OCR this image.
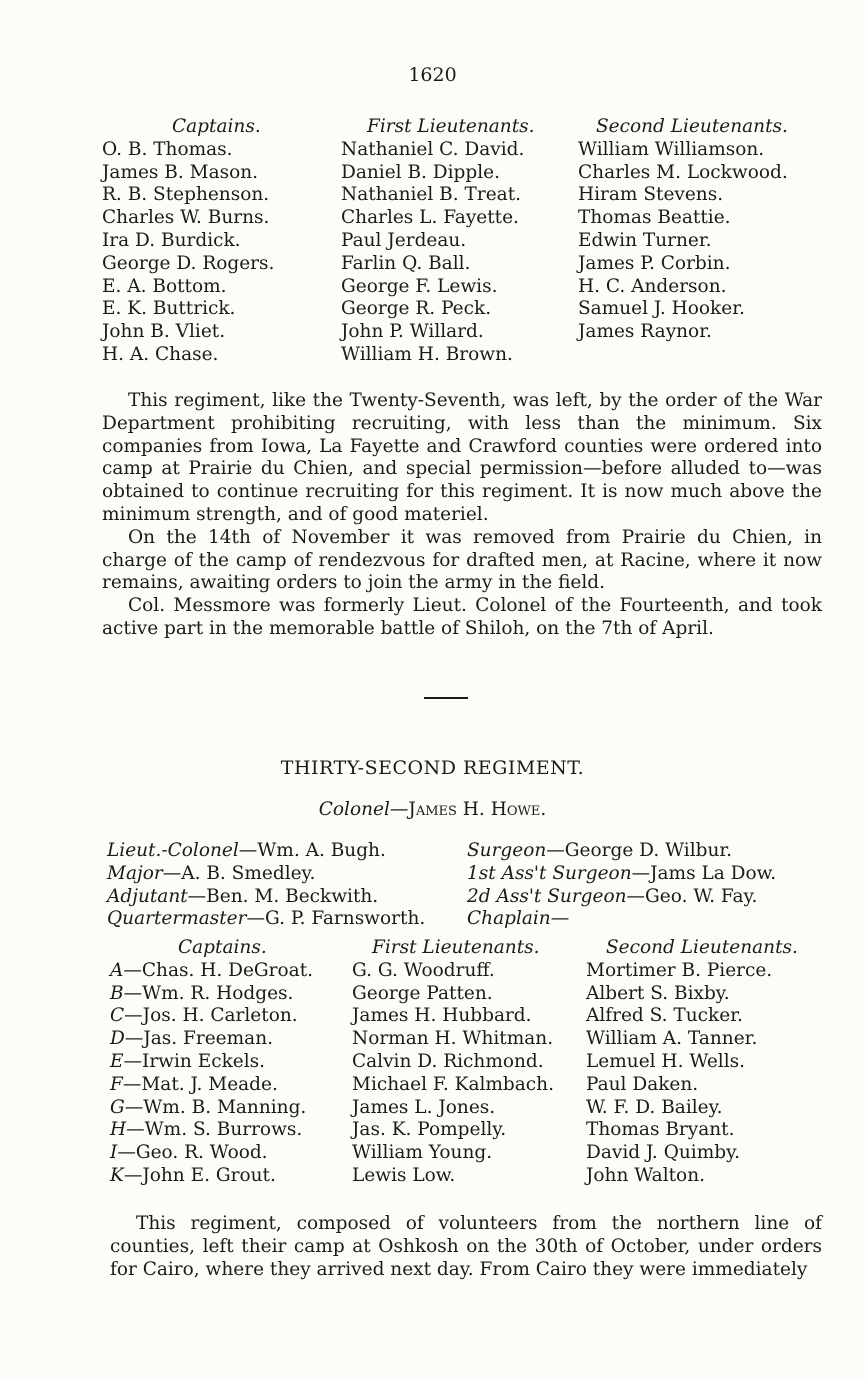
1620
Captains.
O. B. Thomas.
James B. Mason.
R. B. Stephenson.
Charles W. Burns.
Ira D. Burdick.
George D. Rogers.
E. A. Bottom.
E. K. Buttrick.
John B. Vliet.
H. A. Chase.
First Lieutenants.
Nathaniel C. David.
Daniel B. Dipple.
Nathaniel B. Treat.
Charles L. Fayette.
Paul Jerdeau.
Farlin Q. Ball.
George F. Lewis.
George R. Peck.
John P. Willard.
William H. Brown.
Second Lieutenants.
William Williamson.
Charles M. Lockwood.
Hiram Stevens.
Thomas Beattie.
Edwin Turner.
James P. Corbin.
H. C. Anderson.
Samuel J. Hooker.
James Raynor.

This regiment, like the Twenty-Seventh, was left, by the order of the War Department prohibiting recruiting, with less than the minimum. Six companies from Iowa, La Fayette and Crawford counties were ordered into camp at Prairie du Chien, and special permission—before alluded to—was obtained to continue recruiting for this regiment. It is now much above the minimum strength, and of good materiel.

On the 14th of November it was removed from Prairie du Chien, in charge of the camp of rendezvous for drafted men, at Racine, where it now remains, awaiting orders to join the army in the field.

Col. Messmore was formerly Lieut. Colonel of the Fourteenth, and took active part in the memorable battle of Shiloh, on the 7th of April.

THIRTY-SECOND REGIMENT.
Colonel—James H. Howe.
Lieut.-Colonel—Wm. A. Bugh.
Major—A. B. Smedley.
Adjutant—Ben. M. Beckwith.
Quartermaster—G. P. Farnsworth.
Surgeon—George D. Wilbur.
1st Ass't Surgeon—Jams La Dow.
2d Ass't Surgeon—Geo. W. Fay.
Chaplain—
Captains.
A—Chas. H. DeGroat.
B—Wm. R. Hodges.
C—Jos. H. Carleton.
D—Jas. Freeman.
E—Irwin Eckels.
F—Mat. J. Meade.
G—Wm. B. Manning.
H—Wm. S. Burrows.
I—Geo. R. Wood.
K—John E. Grout.
First Lieutenants.
G. G. Woodruff.
George Patten.
James H. Hubbard.
Norman H. Whitman.
Calvin D. Richmond.
Michael F. Kalmbach.
James L. Jones.
Jas. K. Pompelly.
William Young.
Lewis Low.
Second Lieutenants.
Mortimer B. Pierce.
Albert S. Bixby.
Alfred S. Tucker.
William A. Tanner.
Lemuel H. Wells.
Paul Daken.
W. F. D. Bailey.
Thomas Bryant.
David J. Quimby.
John Walton.

This regiment, composed of volunteers from the northern line of counties, left their camp at Oshkosh on the 30th of October, under orders for Cairo, where they arrived next day. From Cairo they were immediately
